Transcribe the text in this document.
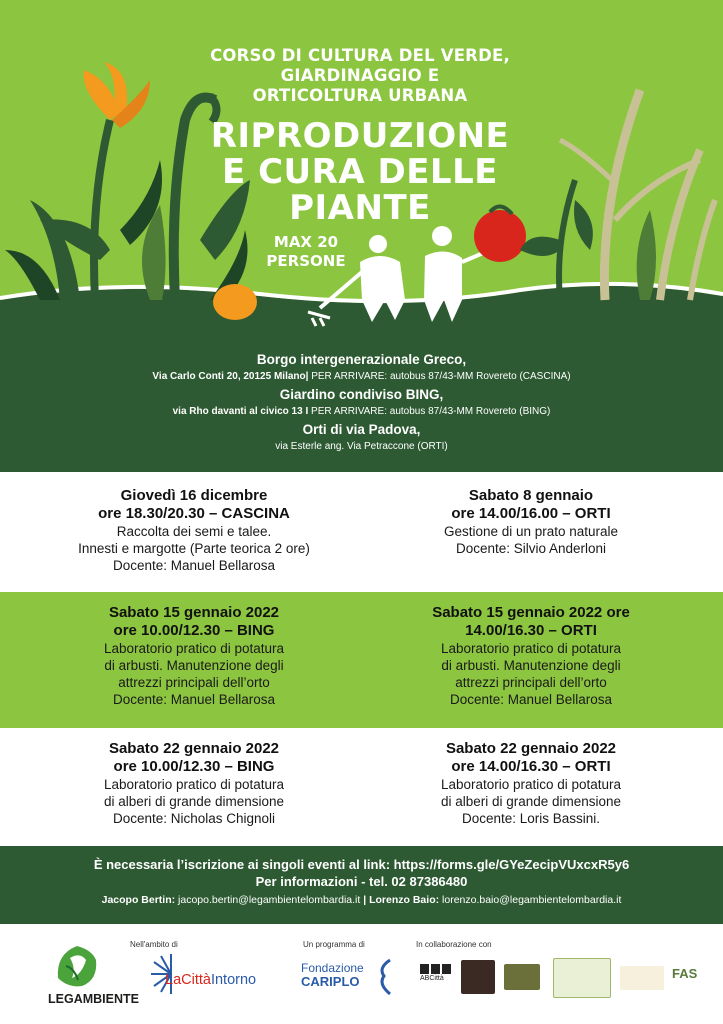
CORSO DI CULTURA DEL VERDE,
GIARDINAGGIO E
ORTICOLTURA URBANA
RIPRODUZIONE
E CURA DELLE
PIANTE
MAX 20
PERSONE
Borgo intergenerazionale Greco,
Via Carlo Conti 20, 20125 Milano| PER ARRIVARE: autobus 87/43-MM Rovereto (CASCINA)
Giardino condiviso BING,
via Rho davanti al civico 13 I PER ARRIVARE: autobus 87/43-MM Rovereto (BING)
Orti di via Padova,
via Esterle ang. Via Petraccone (ORTI)
Giovedì 16 dicembre
ore 18.30/20.30 – CASCINA
Raccolta dei semi e talee.
Innesti e margotte (Parte teorica 2 ore)
Docente: Manuel Bellarosa
Sabato 8 gennaio
ore 14.00/16.00 – ORTI
Gestione di un prato naturale
Docente: Silvio Anderloni
Sabato 15 gennaio 2022
ore 10.00/12.30 – BING
Laboratorio pratico di potatura
di arbusti. Manutenzione degli
attrezzi principali dell’orto
Docente: Manuel Bellarosa
Sabato 15 gennaio 2022 ore
14.00/16.30 – ORTI
Laboratorio pratico di potatura
di arbusti. Manutenzione degli
attrezzi principali dell’orto
Docente: Manuel Bellarosa
Sabato 22 gennaio 2022
ore 10.00/12.30 – BING
Laboratorio pratico di potatura
di alberi di grande dimensione
Docente: Nicholas Chignoli
Sabato 22 gennaio 2022
ore 14.00/16.30 – ORTI
Laboratorio pratico di potatura
di alberi di grande dimensione
Docente: Loris Bassini.
È necessaria l’iscrizione ai singoli eventi al link: https://forms.gle/GYeZecipVUxcxR5y6
Per informazioni - tel. 02 87386480
Jacopo Bertin: jacopo.bertin@legambientelombardia.it | Lorenzo Baio: lorenzo.baio@legambientelombardia.it
LEGAMBIENTE
Nell'ambito di
LaCittàIntorno
Un programma di
Fondazione
CARIPLO
In collaborazione con
ABCittà	FAS
